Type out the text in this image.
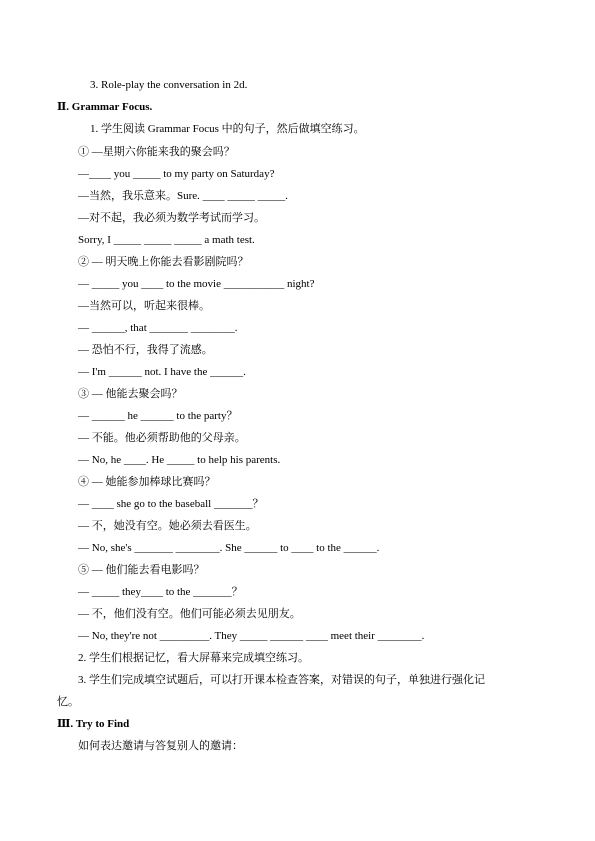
3. Role-play the conversation in 2d.
Ⅱ. Grammar Focus.
1. 学生阅读 Grammar Focus 中的句子，然后做填空练习。
① —星期六你能来我的聚会吗？
—____ you _____ to my party on Saturday?
—当然，我乐意来。Sure. ____ _____ _____.
—对不起，我必须为数学考试而学习。
Sorry, I _____ _____ _____ a math test.
② — 明天晚上你能去看影剧院吗？
— _____ you ____ to the movie ___________ night?
—当然可以，听起来很棒。
— ______, that _______ ________.
— 恐怕不行，我得了流感。
— I'm ______ not. I have the ______.
③ — 他能去聚会吗？
— ______ he ______ to the party？
— 不能。他必须帮助他的父母亲。
— No, he ____. He _____ to help his parents.
④ — 她能参加棒球比赛吗？
— ____ she go to the baseball _______？
— 不，她没有空。她必须去看医生。
— No, she's _______ ________. She ______ to ____ to the ______.
⑤ — 他们能去看电影吗？
— _____ they____ to the _______？
— 不，他们没有空。他们可能必须去见朋友。
— No, they're not _________. They _____ ______ ____ meet their ________.
2. 学生们根据记忆，看大屏幕来完成填空练习。
3. 学生们完成填空试题后，可以打开课本检查答案，对错误的句子，单独进行强化记
忆。
Ⅲ. Try to Find
如何表达邀请与答复别人的邀请：
